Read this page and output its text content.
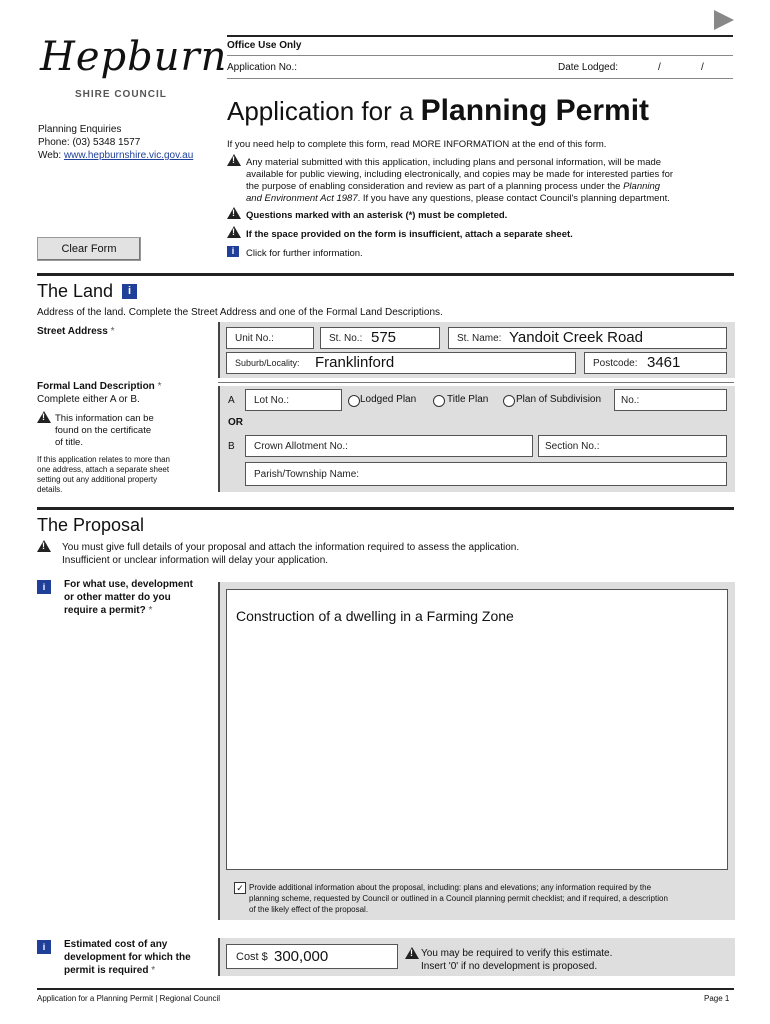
Hepburn
SHIRE COUNCIL
Planning Enquiries
Phone: (03) 5348 1577
Web: www.hepburnshire.vic.gov.au
Clear Form
Office Use Only
Application No.:	Date Lodged:	/	/
Application for a Planning Permit
If you need help to complete this form, read MORE INFORMATION at the end of this form.
!
Any material submitted with this application, including plans and personal information, will be made
available for public viewing, including electronically, and copies may be made for interested parties for
the purpose of enabling consideration and review as part of a planning process under the Planning
and Environment Act 1987. If you have any questions, please contact Council's planning department.
!
Questions marked with an asterisk (*) must be completed.
!
If the space provided on the form is insufficient, attach a separate sheet.
i	Click for further information.
The Land	i
Address of the land. Complete the Street Address and one of the Formal Land Descriptions.
Street Address *
Unit No.:	St. No.: 575	St. Name: Yandoit Creek Road
Suburb/Locality: Franklinford	Postcode: 3461
Formal Land Description *
Complete either A or B.
!
This information can be
found on the certificate
of title.
If this application relates to more than
one address, attach a separate sheet
setting out any additional property
details.
A Lot No.:	Lodged Plan	Title Plan	Plan of Subdivision No.:
OR
B Crown Allotment No.:	Section No.:
Parish/Township Name:
The Proposal
!
You must give full details of your proposal and attach the information required to assess the application.
Insufficient or unclear information will delay your application.
i	For what use, development
or other matter do you
require a permit? *	Construction of a dwelling in a Farming Zone
✓ Provide additional information about the proposal, including: plans and elevations; any information required by the
planning scheme, requested by Council or outlined in a Council planning permit checklist; and if required, a description
of the likely effect of the proposal.
i	Estimated cost of any
development for which the
permit is required *
Cost $ 300,000
!	You may be required to verify this estimate.
Insert '0' if no development is proposed.
Application for a Planning Permit | Regional Council	Page 1
